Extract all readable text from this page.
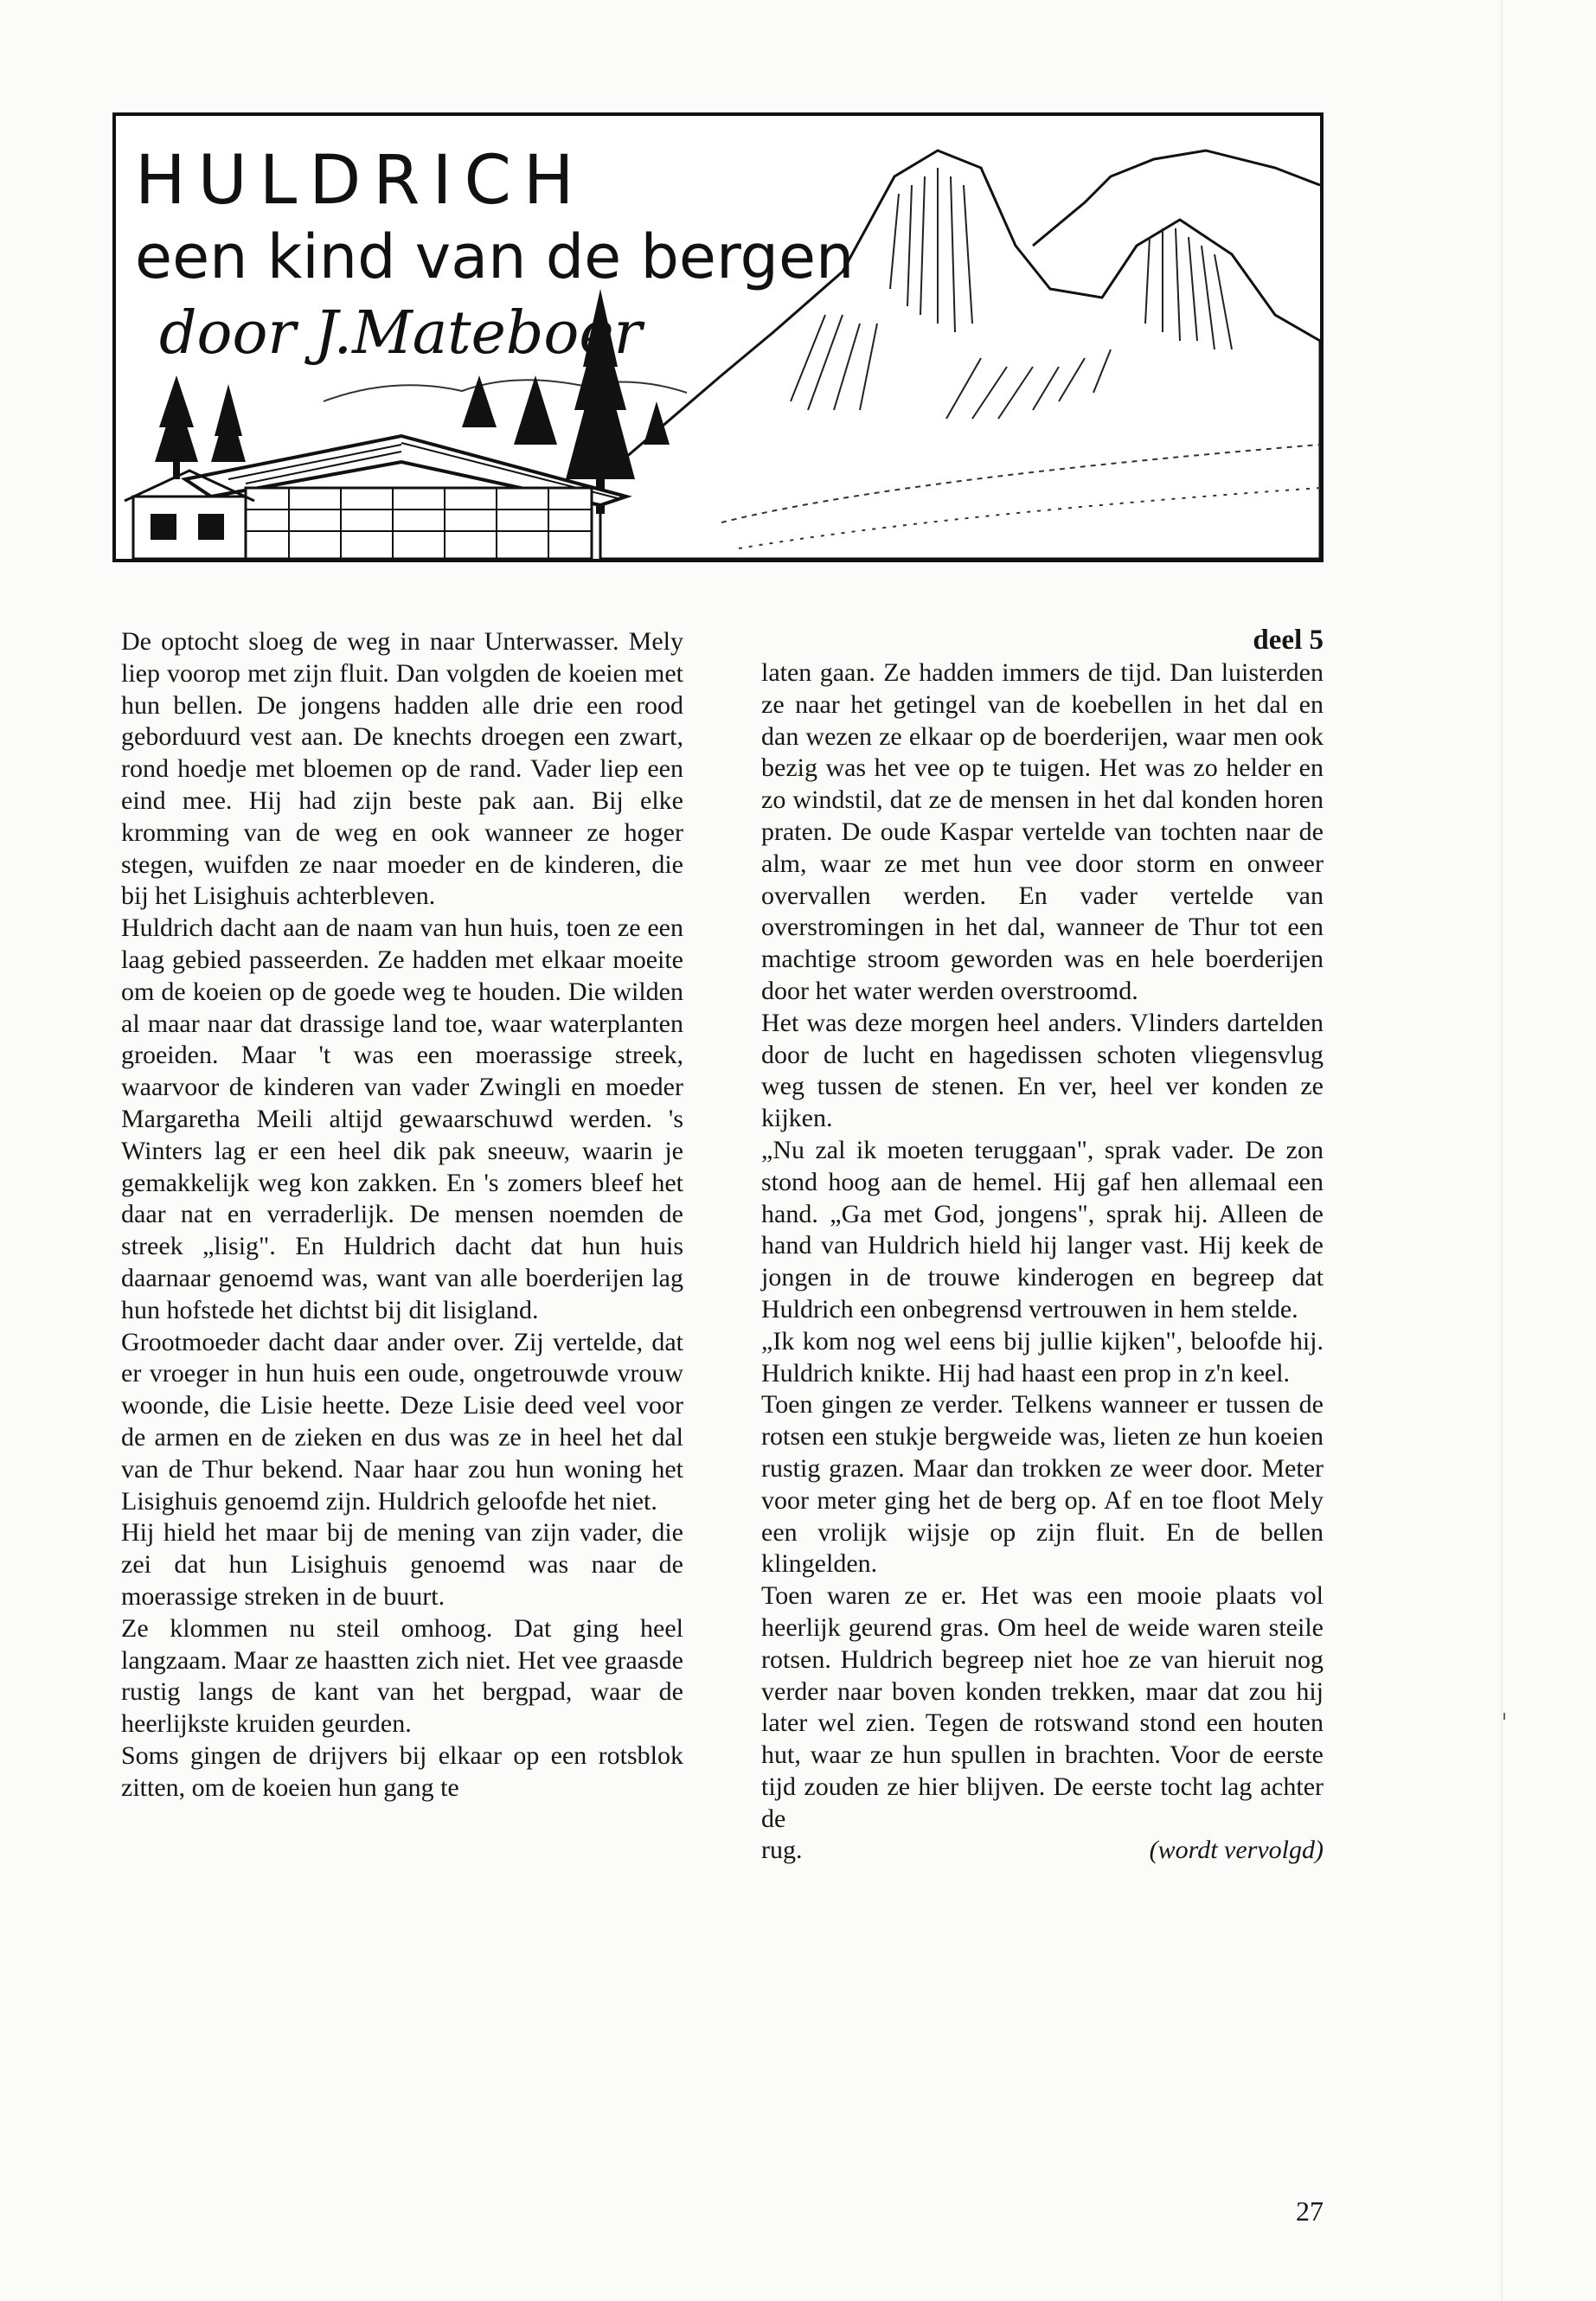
HULDRICH

een kind van de bergen

door J.Mateboer

deel 5

De optocht sloeg de weg in naar Unterwasser. Mely liep voorop met zijn fluit. Dan volgden de koeien met hun bellen. De jongens hadden alle drie een rood geborduurd vest aan. De knechts droegen een zwart, rond hoedje met bloemen op de rand. Vader liep een eind mee. Hij had zijn beste pak aan. Bij elke kromming van de weg en ook wanneer ze hoger stegen, wuifden ze naar moeder en de kinderen, die bij het Lisighuis achterbleven.

Huldrich dacht aan de naam van hun huis, toen ze een laag gebied passeerden. Ze hadden met elkaar moeite om de koeien op de goede weg te houden. Die wilden al maar naar dat drassige land toe, waar waterplanten groeiden. Maar 't was een moerassige streek, waarvoor de kinderen van vader Zwingli en moeder Margaretha Meili altijd gewaarschuwd werden. 's Winters lag er een heel dik pak sneeuw, waarin je gemakkelijk weg kon zakken. En 's zomers bleef het daar nat en verraderlijk. De mensen noemden de streek „lisig". En Huldrich dacht dat hun huis daarnaar genoemd was, want van alle boerderijen lag hun hofstede het dichtst bij dit lisigland.

Grootmoeder dacht daar ander over. Zij vertelde, dat er vroeger in hun huis een oude, ongetrouwde vrouw woonde, die Lisie heette. Deze Lisie deed veel voor de armen en de zieken en dus was ze in heel het dal van de Thur bekend. Naar haar zou hun woning het Lisighuis genoemd zijn. Huldrich geloofde het niet.

Hij hield het maar bij de mening van zijn vader, die zei dat hun Lisighuis genoemd was naar de moerassige streken in de buurt.

Ze klommen nu steil omhoog. Dat ging heel langzaam. Maar ze haastten zich niet. Het vee graasde rustig langs de kant van het bergpad, waar de heerlijkste kruiden geurden.

Soms gingen de drijvers bij elkaar op een rotsblok zitten, om de koeien hun gang te

laten gaan. Ze hadden immers de tijd. Dan luisterden ze naar het getingel van de koebellen in het dal en dan wezen ze elkaar op de boerderijen, waar men ook bezig was het vee op te tuigen. Het was zo helder en zo windstil, dat ze de mensen in het dal konden horen praten. De oude Kaspar vertelde van tochten naar de alm, waar ze met hun vee door storm en onweer overvallen werden. En vader vertelde van overstromingen in het dal, wanneer de Thur tot een machtige stroom geworden was en hele boerderijen door het water werden overstroomd.

Het was deze morgen heel anders. Vlinders dartelden door de lucht en hagedissen schoten vliegensvlug weg tussen de stenen. En ver, heel ver konden ze kijken.

„Nu zal ik moeten teruggaan", sprak vader. De zon stond hoog aan de hemel. Hij gaf hen allemaal een hand. „Ga met God, jongens", sprak hij. Alleen de hand van Huldrich hield hij langer vast. Hij keek de jongen in de trouwe kinderogen en begreep dat Huldrich een onbegrensd vertrouwen in hem stelde.

„Ik kom nog wel eens bij jullie kijken", beloofde hij. Huldrich knikte. Hij had haast een prop in z'n keel.

Toen gingen ze verder. Telkens wanneer er tussen de rotsen een stukje bergweide was, lieten ze hun koeien rustig grazen. Maar dan trokken ze weer door. Meter voor meter ging het de berg op. Af en toe floot Mely een vrolijk wijsje op zijn fluit. En de bellen klingelden.

Toen waren ze er. Het was een mooie plaats vol heerlijk geurend gras. Om heel de weide waren steile rotsen. Huldrich begreep niet hoe ze van hieruit nog verder naar boven konden trekken, maar dat zou hij later wel zien. Tegen de rotswand stond een houten hut, waar ze hun spullen in brachten. Voor de eerste tijd zouden ze hier blijven. De eerste tocht lag achter de

rug.	(wordt vervolgd)

27
